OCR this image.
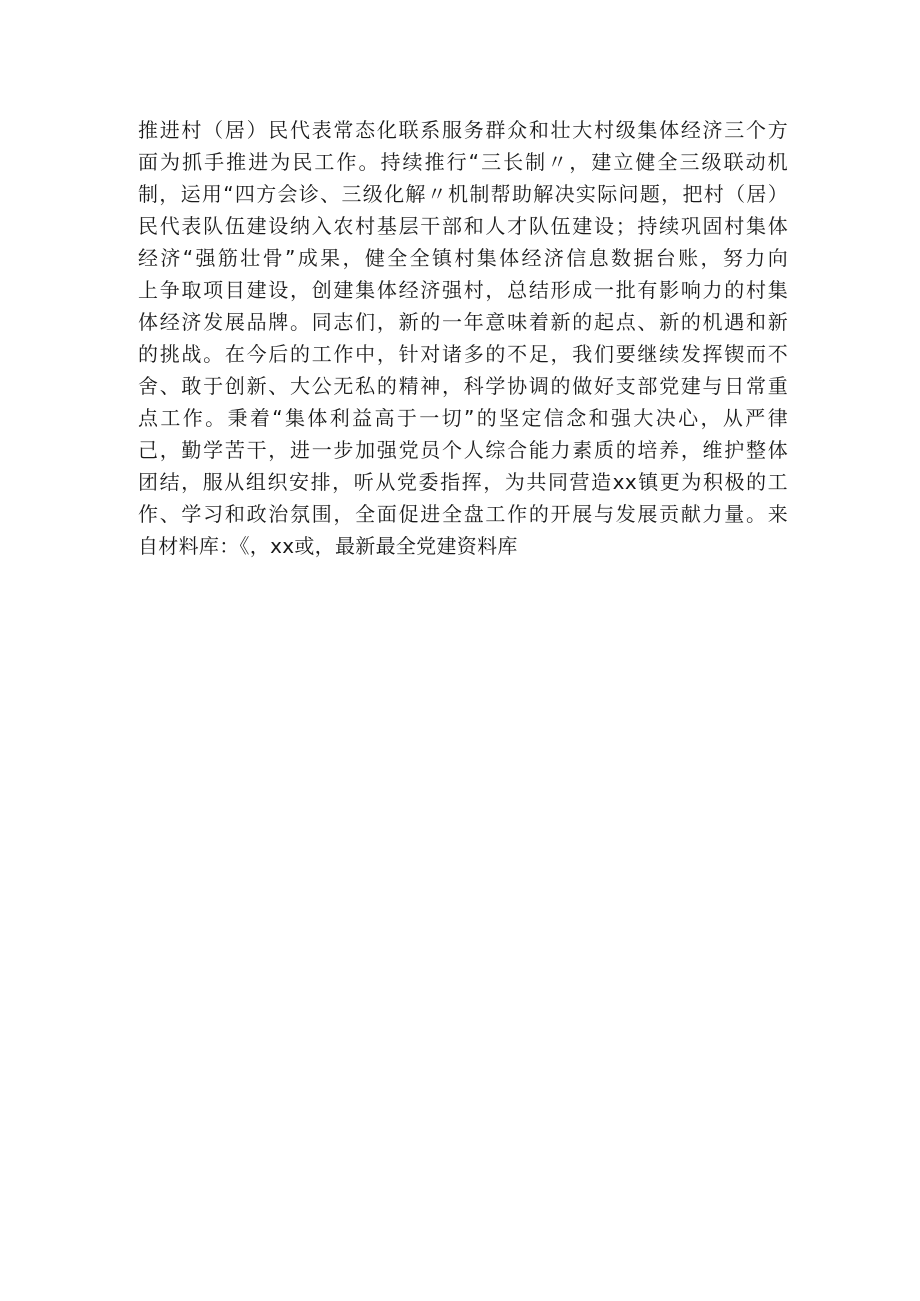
推进村（居）民代表常态化联系服务群众和壮大村级集体经济三个方
面为抓手推进为民工作。持续推行“三长制〃，建立健全三级联动机
制，运用“四方会诊、三级化解〃机制帮助解决实际问题，把村（居）
民代表队伍建设纳入农村基层干部和人才队伍建设；持续巩固村集体
经济“强筋壮骨”成果，健全全镇村集体经济信息数据台账，努力向
上争取项目建设，创建集体经济强村，总结形成一批有影响力的村集
体经济发展品牌。同志们，新的一年意味着新的起点、新的机遇和新
的挑战。在今后的工作中，针对诸多的不足，我们要继续发挥锲而不
舍、敢于创新、大公无私的精神，科学协调的做好支部党建与日常重
点工作。秉着“集体利益高于一切”的坚定信念和强大决心，从严律
己，勤学苦干，进一步加强党员个人综合能力素质的培养，维护整体
团结，服从组织安排，听从党委指挥，为共同营造xx镇更为积极的工
作、学习和政治氛围，全面促进全盘工作的开展与发展贡献力量。来
自材料库：《，xx或，最新最全党建资料库
